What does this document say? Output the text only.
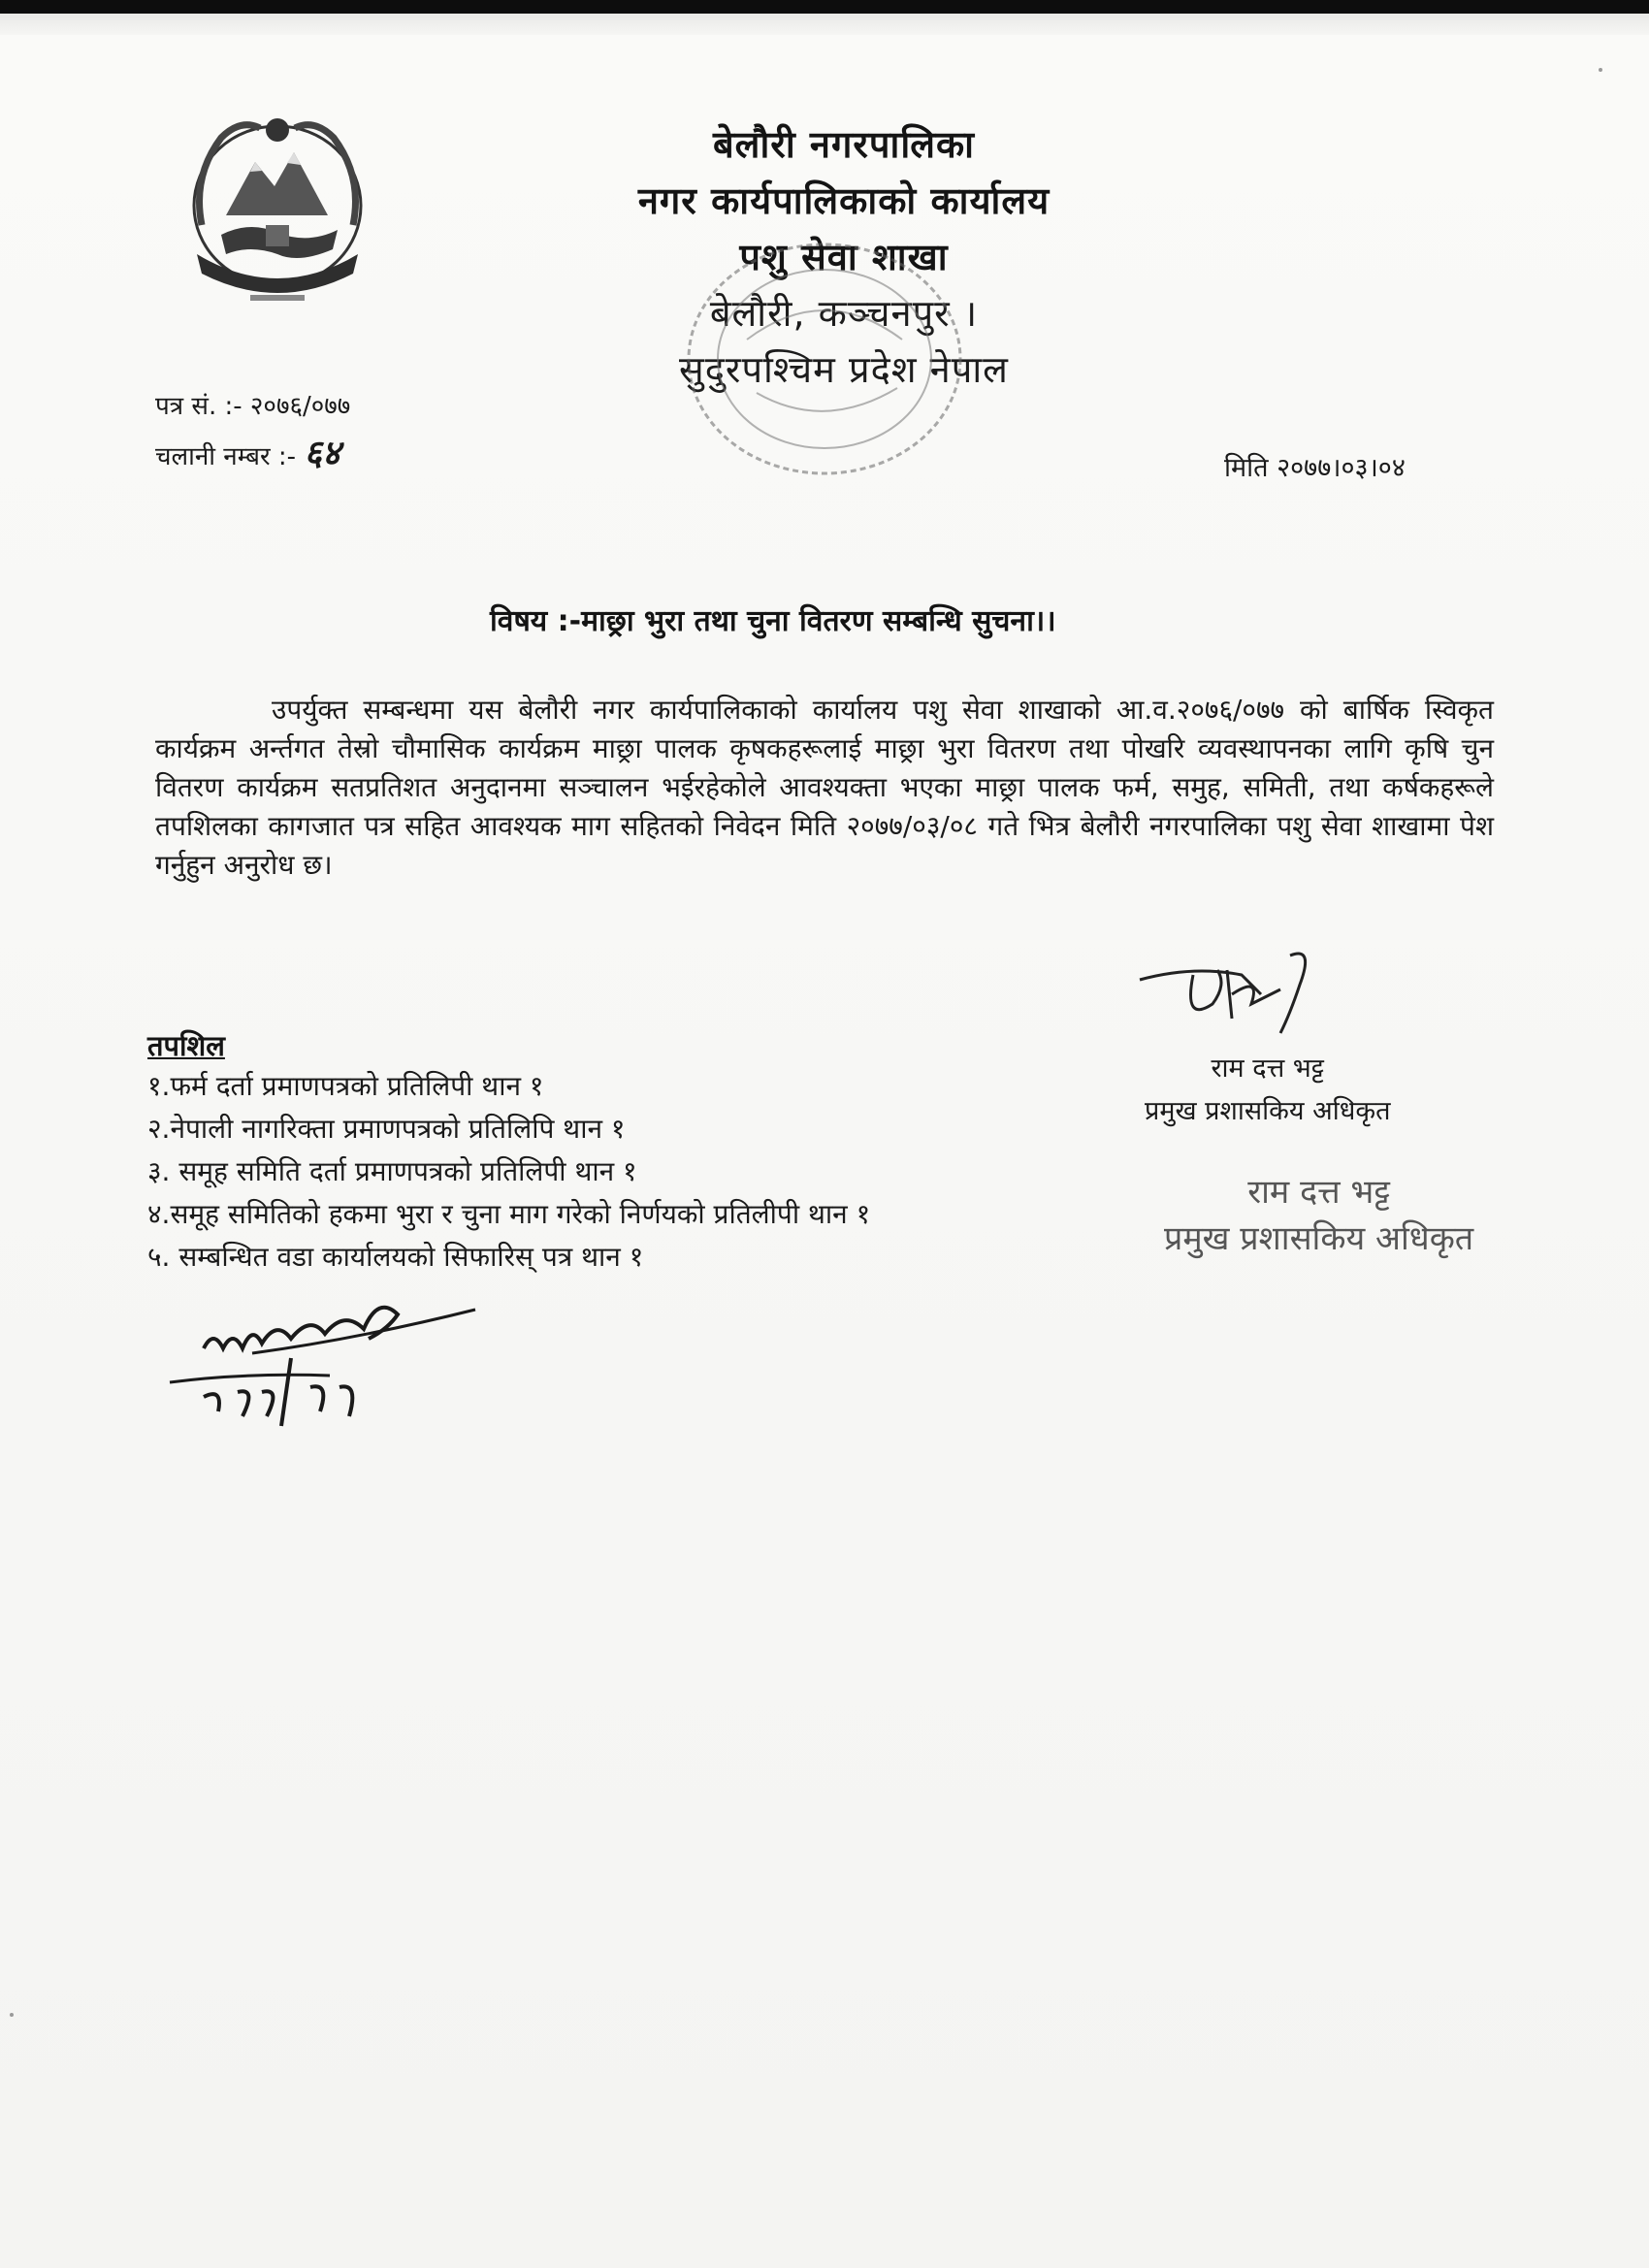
बेलौरी नगरपालिका
नगर कार्यपालिकाको कार्यालय
पशु सेवा शाखा
बेलौरी, कञ्चनपुर ।
सुदुरपश्चिम प्रदेश नेपाल
पत्र सं. :- २०७६/०७७
चलानी नम्बर :- ६४	मिति २०७७।०३।०४
विषय :-माछ्रा भुरा तथा चुना वितरण सम्बन्धि सुचना।।
उपर्युक्त सम्बन्धमा यस बेलौरी नगर कार्यपालिकाको कार्यालय पशु सेवा शाखाको आ.व.२०७६/०७७ को बार्षिक स्विकृत कार्यक्रम अर्न्तगत तेस्रो चौमासिक कार्यक्रम माछ्रा पालक कृषकहरूलाई माछ्रा भुरा वितरण तथा पोखरि व्यवस्थापनका लागि कृषि चुन वितरण कार्यक्रम सतप्रतिशत अनुदानमा सञ्चालन भईरहेकोले आवश्यक्ता भएका माछ्रा पालक फर्म, समुह, समिती, तथा कर्षकहरूले तपशिलका कागजात पत्र सहित आवश्यक माग सहितको निवेदन मिति २०७७/०३/०८ गते भित्र बेलौरी नगरपालिका पशु सेवा शाखामा पेश गर्नुहुन अनुरोध छ।
राम दत्त भट्ट
प्रमुख प्रशासकिय अधिकृत
राम दत्त भट्ट
प्रमुख प्रशासकिय अधिकृत
तपशिल
१.फर्म दर्ता प्रमाणपत्रको प्रतिलिपी थान १
२.नेपाली नागरिक्ता प्रमाणपत्रको प्रतिलिपि थान १
३. समूह समिति दर्ता प्रमाणपत्रको प्रतिलिपी थान १
४.समूह समितिको हकमा भुरा र चुना माग गरेको निर्णयको प्रतिलीपी थान १
५. सम्बन्धित वडा कार्यालयको सिफारिस् पत्र थान १
